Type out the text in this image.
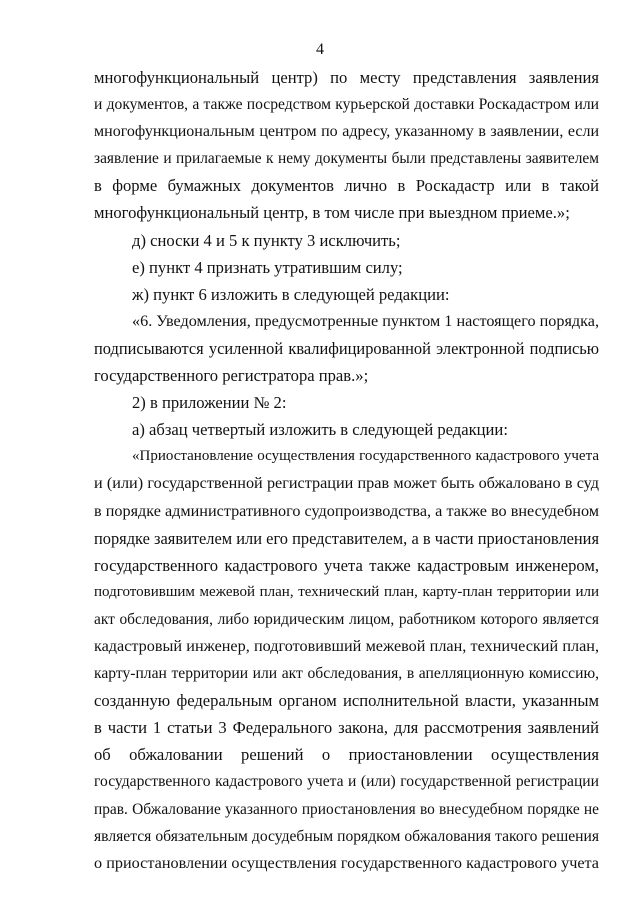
4
многофункциональный центр) по месту представления заявления
и документов, а также посредством курьерской доставки Роскадастром или
многофункциональным центром по адресу, указанному в заявлении, если
заявление и прилагаемые к нему документы были представлены заявителем
в форме бумажных документов лично в Роскадастр или в такой
многофункциональный центр, в том числе при выездном приеме.»;
д) сноски 4 и 5 к пункту 3 исключить;
е) пункт 4 признать утратившим силу;
ж) пункт 6 изложить в следующей редакции:
«6. Уведомления, предусмотренные пунктом 1 настоящего порядка,
подписываются усиленной квалифицированной электронной подписью
государственного регистратора прав.»;
2) в приложении № 2:
а) абзац четвертый изложить в следующей редакции:
«Приостановление осуществления государственного кадастрового учета
и (или) государственной регистрации прав может быть обжаловано в суд
в порядке административного судопроизводства, а также во внесудебном
порядке заявителем или его представителем, а в части приостановления
государственного кадастрового учета также кадастровым инженером,
подготовившим межевой план, технический план, карту-план территории или
акт обследования, либо юридическим лицом, работником которого является
кадастровый инженер, подготовивший межевой план, технический план,
карту-план территории или акт обследования, в апелляционную комиссию,
созданную федеральным органом исполнительной власти, указанным
в части 1 статьи 3 Федерального закона, для рассмотрения заявлений
об обжаловании решений о приостановлении осуществления
государственного кадастрового учета и (или) государственной регистрации
прав. Обжалование указанного приостановления во внесудебном порядке не
является обязательным досудебным порядком обжалования такого решения
о приостановлении осуществления государственного кадастрового учета
